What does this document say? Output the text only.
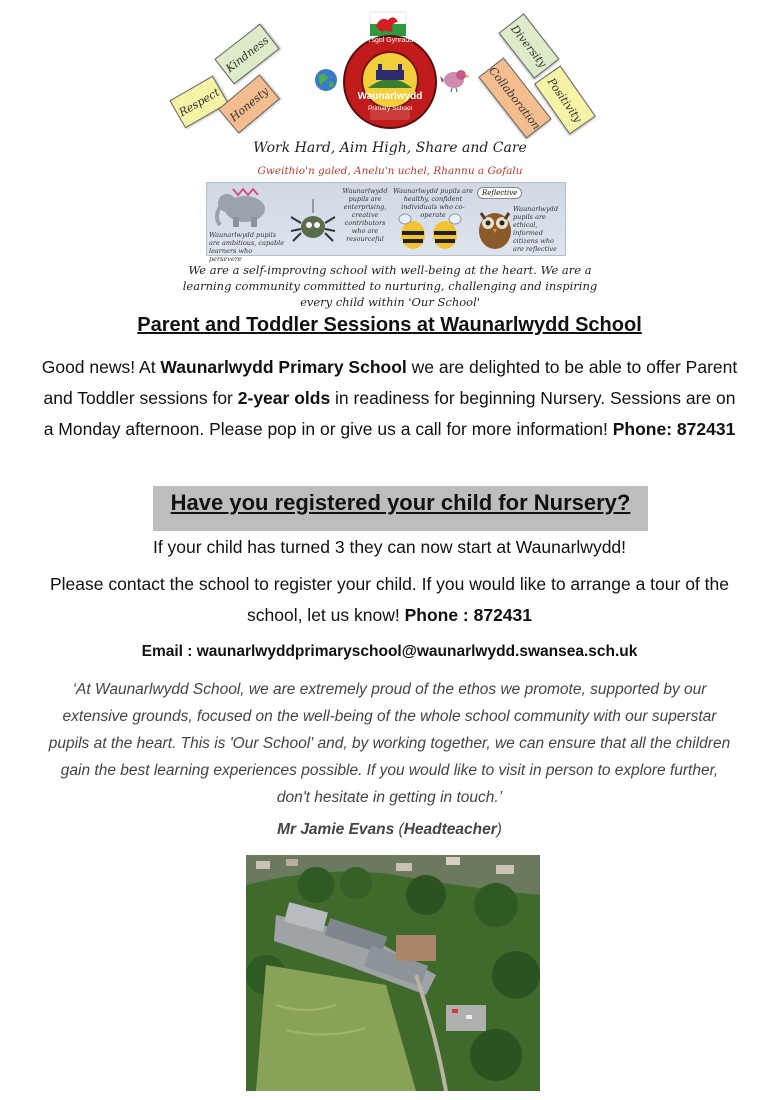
Respect
Kindness
Honesty
Ysgol Gynradd
Waunarlwydd
Primary School
Diversity
Collaboration Positivity
Work Hard, Aim High, Share and Care
Gweithio'n galed, Anelu'n uchel, Rhannu a Gofalu
Waunarlwydd pupils are ambitious, capable learners who persevere
Waunarlwydd pupils are enterprising, creative contributors who are resourceful
Waunarlwydd pupils are healthy, confident individuals who co-operate
Reflective
Waunarlwydd pupils are ethical, informed citizens who are reflective
We are a self-improving school with well-being at the heart. We are a learning community committed to nurturing, challenging and inspiring every child within 'Our School'
Parent and Toddler Sessions at Waunarlwydd School
Good news! At Waunarlwydd Primary School we are delighted to be able to offer Parent and Toddler sessions for 2-year olds in readiness for beginning Nursery. Sessions are on a Monday afternoon. Please pop in or give us a call for more information! Phone: 872431
Have you registered your child for Nursery?
If your child has turned 3 they can now start at Waunarlwydd!
Please contact the school to register your child. If you would like to arrange a tour of the school, let us know! Phone : 872431
Email : waunarlwyddprimaryschool@waunarlwydd.swansea.sch.uk
‘At Waunarlwydd School, we are extremely proud of the ethos we promote, supported by our extensive grounds, focused on the well-being of the whole school community with our superstar pupils at the heart. This is 'Our School' and, by working together, we can ensure that all the children gain the best learning experiences possible. If you would like to visit in person to explore further, don't hesitate in getting in touch.’
Mr Jamie Evans (Headteacher)
